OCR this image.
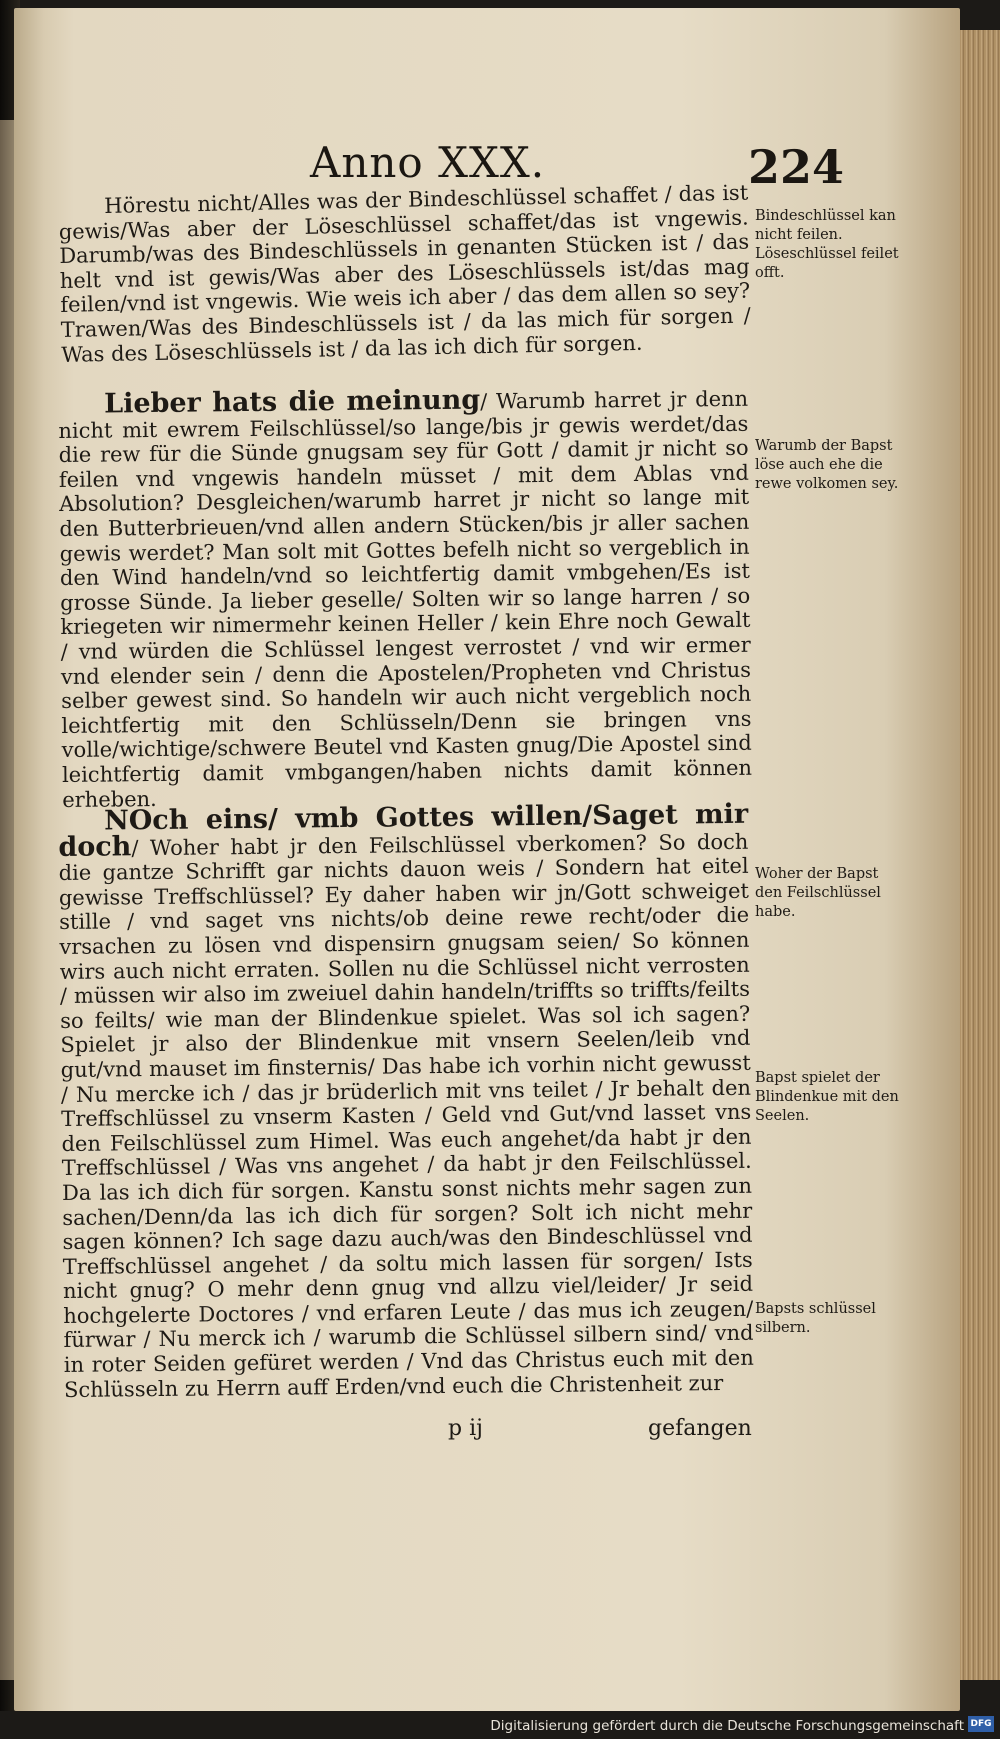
Anno XXX.	224
Hörestu nicht/Alles was der Bindeschlüssel schaffet / das ist gewis/Was aber der Löseschlüssel schaffet/das ist vngewis. Darumb/was des Bindeschlüssels in genanten Stücken ist / das helt vnd ist gewis/Was aber des Löseschlüssels ist/das mag feilen/vnd ist vngewis. Wie weis ich aber / das dem allen so sey? Trawen/Was des Bindeschlüssels ist / da las mich für sorgen / Was des Löseschlüssels ist / da las ich dich für sorgen.
Lieber hats die meinung/ Warumb harret jr denn nicht mit ewrem Feilschlüssel/so lange/bis jr gewis werdet/das die rew für die Sünde gnugsam sey für Gott / damit jr nicht so feilen vnd vngewis handeln müsset / mit dem Ablas vnd Absolution? Desgleichen/warumb harret jr nicht so lange mit den Butterbrieuen/vnd allen andern Stücken/bis jr aller sachen gewis werdet? Man solt mit Gottes befelh nicht so vergeblich in den Wind handeln/vnd so leichtfertig damit vmbgehen/Es ist grosse Sünde. Ja lieber geselle/ Solten wir so lange harren / so kriegeten wir nimermehr keinen Heller / kein Ehre noch Gewalt / vnd würden die Schlüssel lengest verrostet / vnd wir ermer vnd elender sein / denn die Apostelen/Propheten vnd Christus selber gewest sind. So handeln wir auch nicht vergeblich noch leichtfertig mit den Schlüsseln/Denn sie bringen vns volle/wichtige/schwere Beutel vnd Kasten gnug/Die Apostel sind leichtfertig damit vmbgangen/haben nichts damit können erheben.
NOch eins/ vmb Gottes willen/Saget mir doch/ Woher habt jr den Feilschlüssel vberkomen? So doch die gantze Schrifft gar nichts dauon weis / Sondern hat eitel gewisse Treffschlüssel? Ey daher haben wir jn/Gott schweiget stille / vnd saget vns nichts/ob deine rewe recht/oder die vrsachen zu lösen vnd dispensirn gnugsam seien/ So können wirs auch nicht erraten. Sollen nu die Schlüssel nicht verrosten / müssen wir also im zweiuel dahin handeln/triffts so triffts/feilts so feilts/ wie man der Blindenkue spielet. Was sol ich sagen? Spielet jr also der Blindenkue mit vnsern Seelen/leib vnd gut/vnd mauset im finsternis/ Das habe ich vorhin nicht gewusst / Nu mercke ich / das jr brüderlich mit vns teilet / Jr behalt den Treffschlüssel zu vnserm Kasten / Geld vnd Gut/vnd lasset vns den Feilschlüssel zum Himel. Was euch angehet/da habt jr den Treffschlüssel / Was vns angehet / da habt jr den Feilschlüssel. Da las ich dich für sorgen. Kanstu sonst nichts mehr sagen zun sachen/Denn/da las ich dich für sorgen? Solt ich nicht mehr sagen können? Ich sage dazu auch/was den Bindeschlüssel vnd Treffschlüssel angehet / da soltu mich lassen für sorgen/ Ists nicht gnug? O mehr denn gnug vnd allzu viel/leider/ Jr seid hochgelerte Doctores / vnd erfaren Leute / das mus ich zeugen/ fürwar / Nu merck ich / warumb die Schlüssel silbern sind/ vnd in roter Seiden gefüret werden / Vnd das Christus euch mit den Schlüsseln zu Herrn auff Erden/vnd euch die Christenheit zur
Bindeschlüssel kan nicht feilen. Löseschlüssel feilet offt.
Warumb der Bapst löse auch ehe die rewe volkomen sey.
Woher der Bapst den Feilschlüssel habe.
Bapst spielet der Blindenkue mit den Seelen.
Bapsts schlüssel silbern.
p ij	gefangen
Digitalisierung gefördert durch die Deutsche Forschungsgemeinschaft DFG
